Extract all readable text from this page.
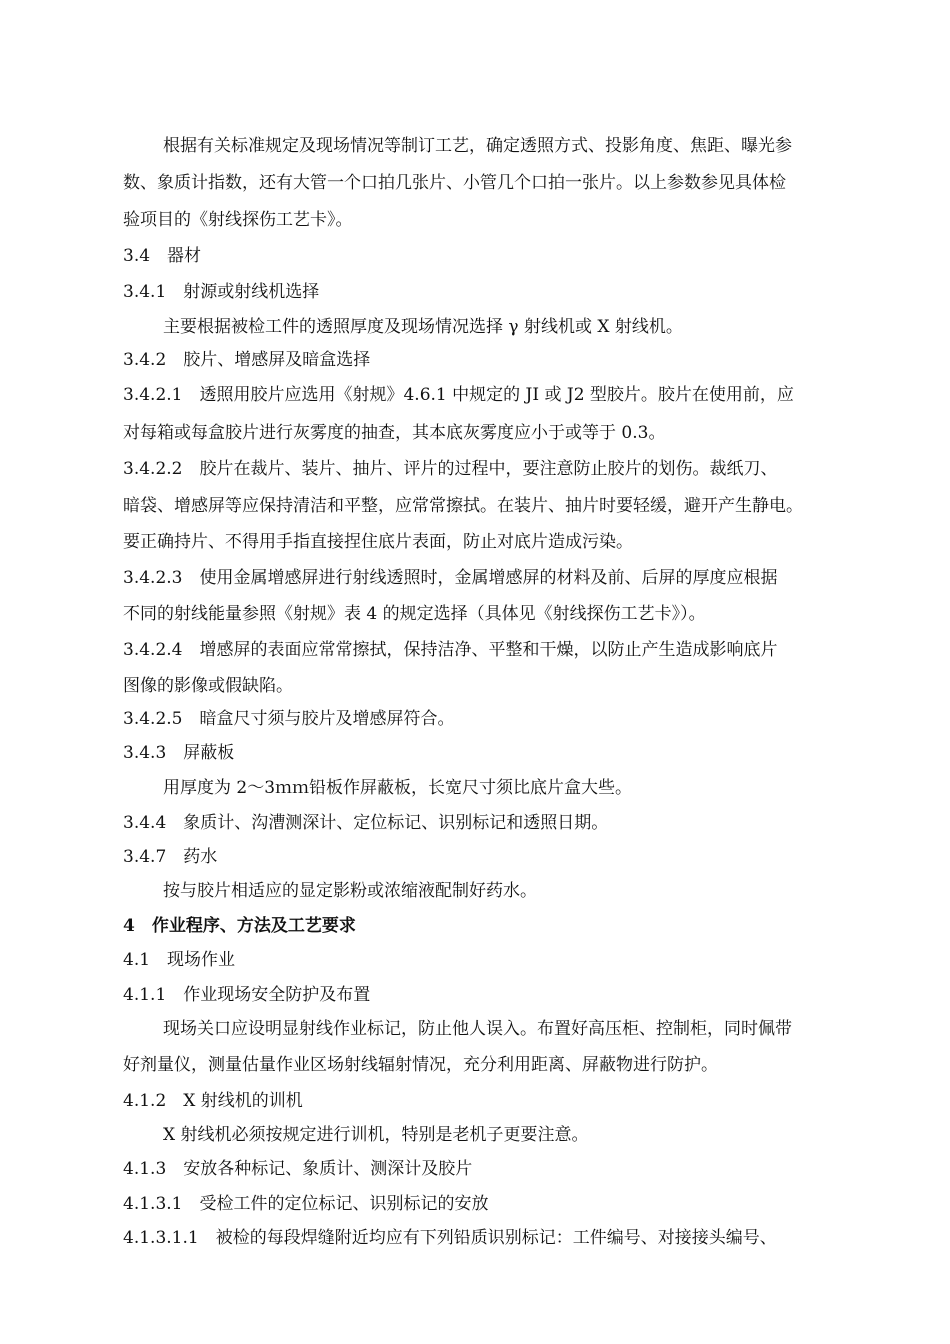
根据有关标准规定及现场情况等制订工艺，确定透照方式、投影角度、焦距、曝光参
数、象质计指数，还有大管一个口拍几张片、小管几个口拍一张片。以上参数参见具体检
验项目的《射线探伤工艺卡》。
3.4　器材
3.4.1　射源或射线机选择
主要根据被检工件的透照厚度及现场情况选择 γ 射线机或 X 射线机。
3.4.2　胶片、增感屏及暗盒选择
3.4.2.1　透照用胶片应选用《射规》4.6.1 中规定的 JI 或 J2 型胶片。胶片在使用前，应
对每箱或每盒胶片进行灰雾度的抽查，其本底灰雾度应小于或等于 0.3。
3.4.2.2　胶片在裁片、装片、抽片、评片的过程中，要注意防止胶片的划伤。裁纸刀、
暗袋、增感屏等应保持清洁和平整，应常常擦拭。在装片、抽片时要轻缓，避开产生静电。
要正确持片、不得用手指直接捏住底片表面，防止对底片造成污染。
3.4.2.3　使用金属增感屏进行射线透照时，金属增感屏的材料及前、后屏的厚度应根据
不同的射线能量参照《射规》表 4 的规定选择（具体见《射线探伤工艺卡》）。
3.4.2.4　增感屏的表面应常常擦拭，保持洁净、平整和干燥，以防止产生造成影响底片
图像的影像或假缺陷。
3.4.2.5　暗盒尺寸须与胶片及增感屏符合。
3.4.3　屏蔽板
用厚度为 2～3ｍｍ铅板作屏蔽板，长宽尺寸须比底片盒大些。
3.4.4　象质计、沟漕测深计、定位标记、识别标记和透照日期。
3.4.7　药水
按与胶片相适应的显定影粉或浓缩液配制好药水。
4　作业程序、方法及工艺要求
4.1　现场作业
4.1.1　作业现场安全防护及布置
现场关口应设明显射线作业标记，防止他人误入。布置好高压柜、控制柜，同时佩带
好剂量仪，测量估量作业区场射线辐射情况，充分利用距离、屏蔽物进行防护。
4.1.2　X 射线机的训机
X 射线机必须按规定进行训机，特别是老机子更要注意。
4.1.3　安放各种标记、象质计、测深计及胶片
4.1.3.1　受检工件的定位标记、识别标记的安放
4.1.3.1.1　被检的每段焊缝附近均应有下列铅质识别标记：工件编号、对接接头编号、
